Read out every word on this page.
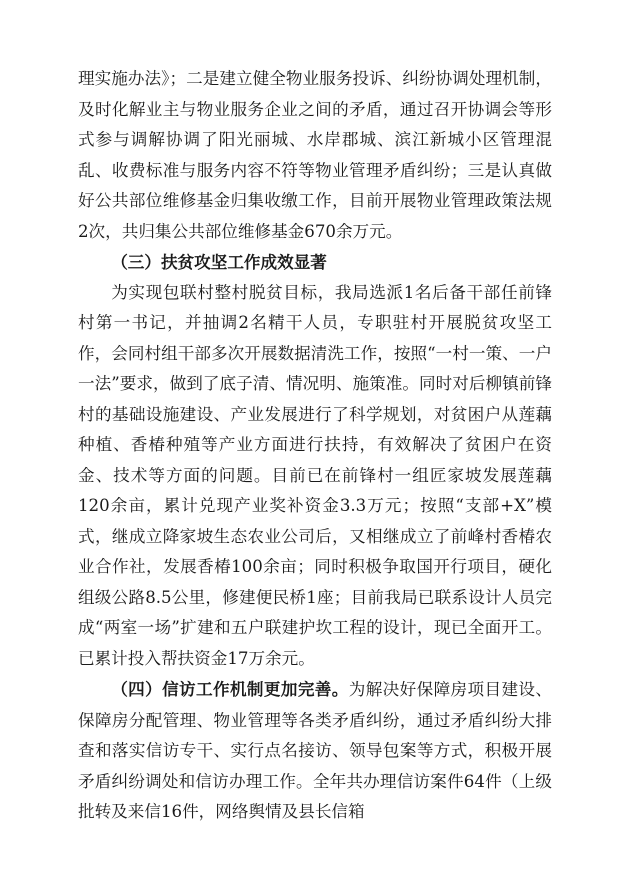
理实施办法》；二是建立健全物业服务投诉、纠纷协调处理机制，及时化解业主与物业服务企业之间的矛盾，通过召开协调会等形式参与调解协调了阳光丽城、水岸郡城、滨江新城小区管理混乱、收费标准与服务内容不符等物业管理矛盾纠纷；三是认真做好公共部位维修基金归集收缴工作，目前开展物业管理政策法规2次，共归集公共部位维修基金670余万元。

（三）扶贫攻坚工作成效显著

为实现包联村整村脱贫目标，我局选派1名后备干部任前锋村第一书记，并抽调2名精干人员，专职驻村开展脱贫攻坚工作，会同村组干部多次开展数据清洗工作，按照“一村一策、一户一法”要求，做到了底子清、情况明、施策准。同时对后柳镇前锋村的基础设施建设、产业发展进行了科学规划，对贫困户从莲藕种植、香椿种殖等产业方面进行扶持，有效解决了贫困户在资金、技术等方面的问题。目前已在前锋村一组匠家坡发展莲藕120余亩，累计兑现产业奖补资金3.3万元；按照“支部+X”模式，继成立降家坡生态农业公司后，又相继成立了前峰村香椿农业合作社，发展香椿100余亩；同时积极争取国开行项目，硬化组级公路8.5公里，修建便民桥1座；目前我局已联系设计人员完成“两室一场”扩建和五户联建护坎工程的设计，现已全面开工。已累计投入帮扶资金17万余元。

（四）信访工作机制更加完善。为解决好保障房项目建设、保障房分配管理、物业管理等各类矛盾纠纷，通过矛盾纠纷大排查和落实信访专干、实行点名接访、领导包案等方式，积极开展矛盾纠纷调处和信访办理工作。全年共办理信访案件64件（上级批转及来信16件，网络舆情及县长信箱
